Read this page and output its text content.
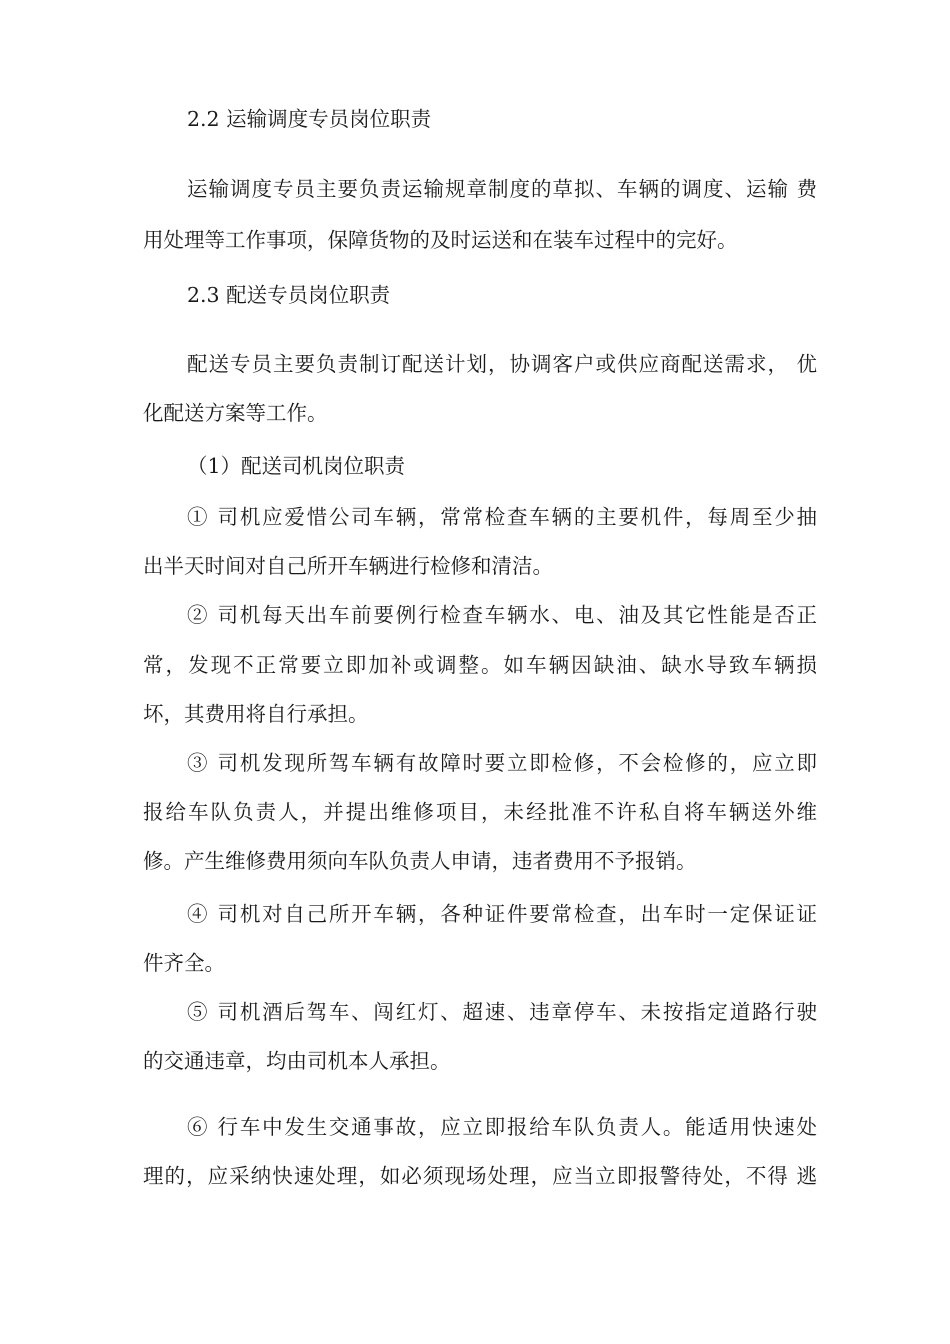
2.2 运输调度专员岗位职责
运输调度专员主要负责运输规章制度的草拟、车辆的调度、运输 费
用处理等工作事项，保障货物的及时运送和在装车过程中的完好。
2.3 配送专员岗位职责
配送专员主要负责制订配送计划，协调客户或供应商配送需求， 优
化配送方案等工作。
（1）配送司机岗位职责
① 司机应爱惜公司车辆，常常检查车辆的主要机件，每周至少抽
出半天时间对自己所开车辆进行检修和清洁。
② 司机每天出车前要例行检查车辆水、电、油及其它性能是否正
常，发现不正常要立即加补或调整。如车辆因缺油、缺水导致车辆损
坏，其费用将自行承担。
③ 司机发现所驾车辆有故障时要立即检修，不会检修的，应立即
报给车队负责人，并提出维修项目，未经批准不许私自将车辆送外维
修。产生维修费用须向车队负责人申请，违者费用不予报销。
④ 司机对自己所开车辆，各种证件要常检查，出车时一定保证证
件齐全。
⑤ 司机酒后驾车、闯红灯、超速、违章停车、未按指定道路行驶
的交通违章，均由司机本人承担。
⑥ 行车中发生交通事故，应立即报给车队负责人。能适用快速处
理的，应采纳快速处理，如必须现场处理，应当立即报警待处，不得 逃
